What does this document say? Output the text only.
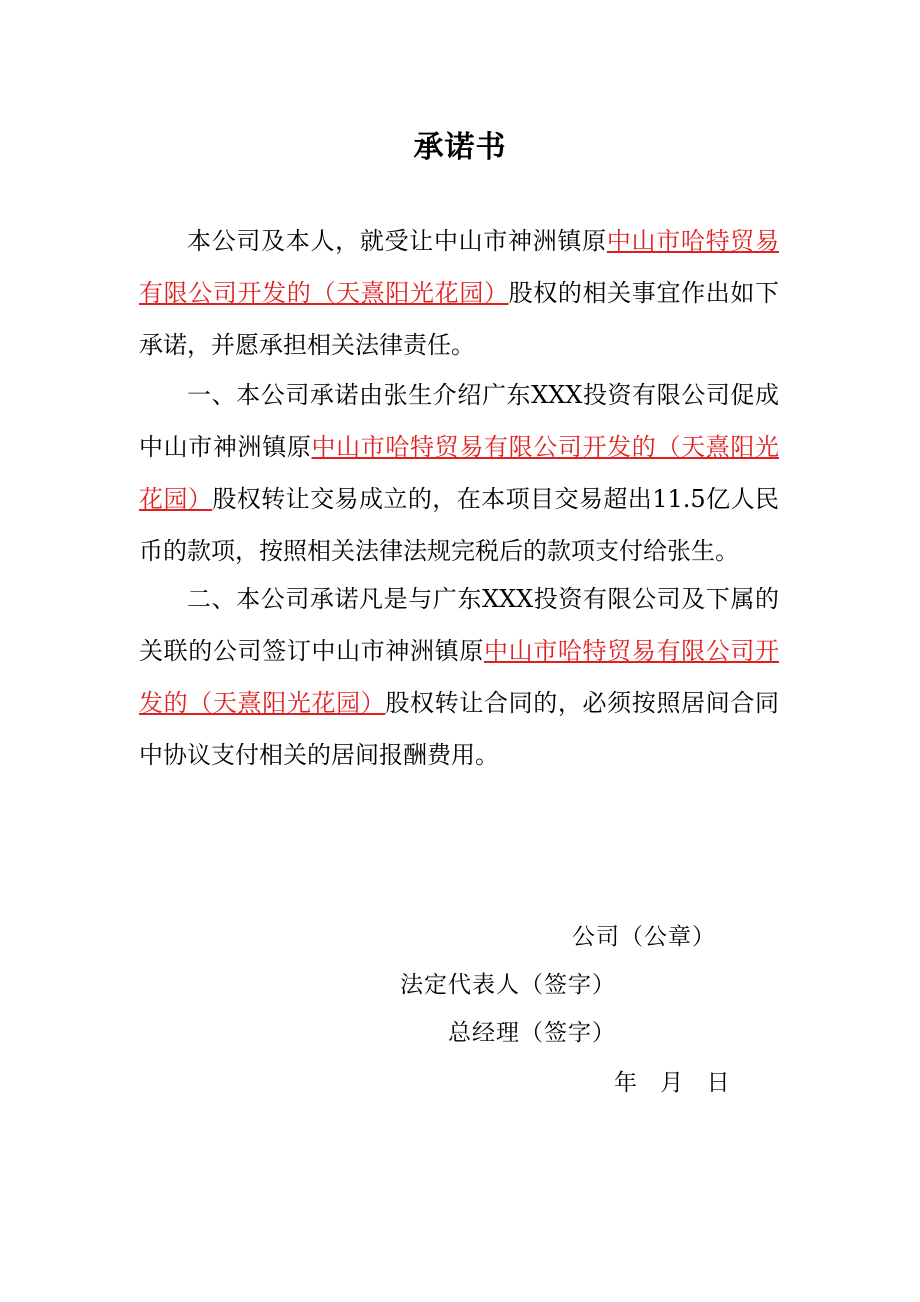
承诺书

本公司及本人，就受让中山市神洲镇原中山市哈特贸易有限公司开发的（天熹阳光花园）股权的相关事宜作出如下承诺，并愿承担相关法律责任。

一、本公司承诺由张生介绍广东XXX投资有限公司促成中山市神洲镇原中山市哈特贸易有限公司开发的（天熹阳光花园）股权转让交易成立的，在本项目交易超出11.5亿人民币的款项，按照相关法律法规完税后的款项支付给张生。

二、本公司承诺凡是与广东XXX投资有限公司及下属的关联的公司签订中山市神洲镇原中山市哈特贸易有限公司开发的（天熹阳光花园）股权转让合同的，必须按照居间合同中协议支付相关的居间报酬费用。

公司（公章）
法定代表人（签字）
总经理（签字）
年 月 日
